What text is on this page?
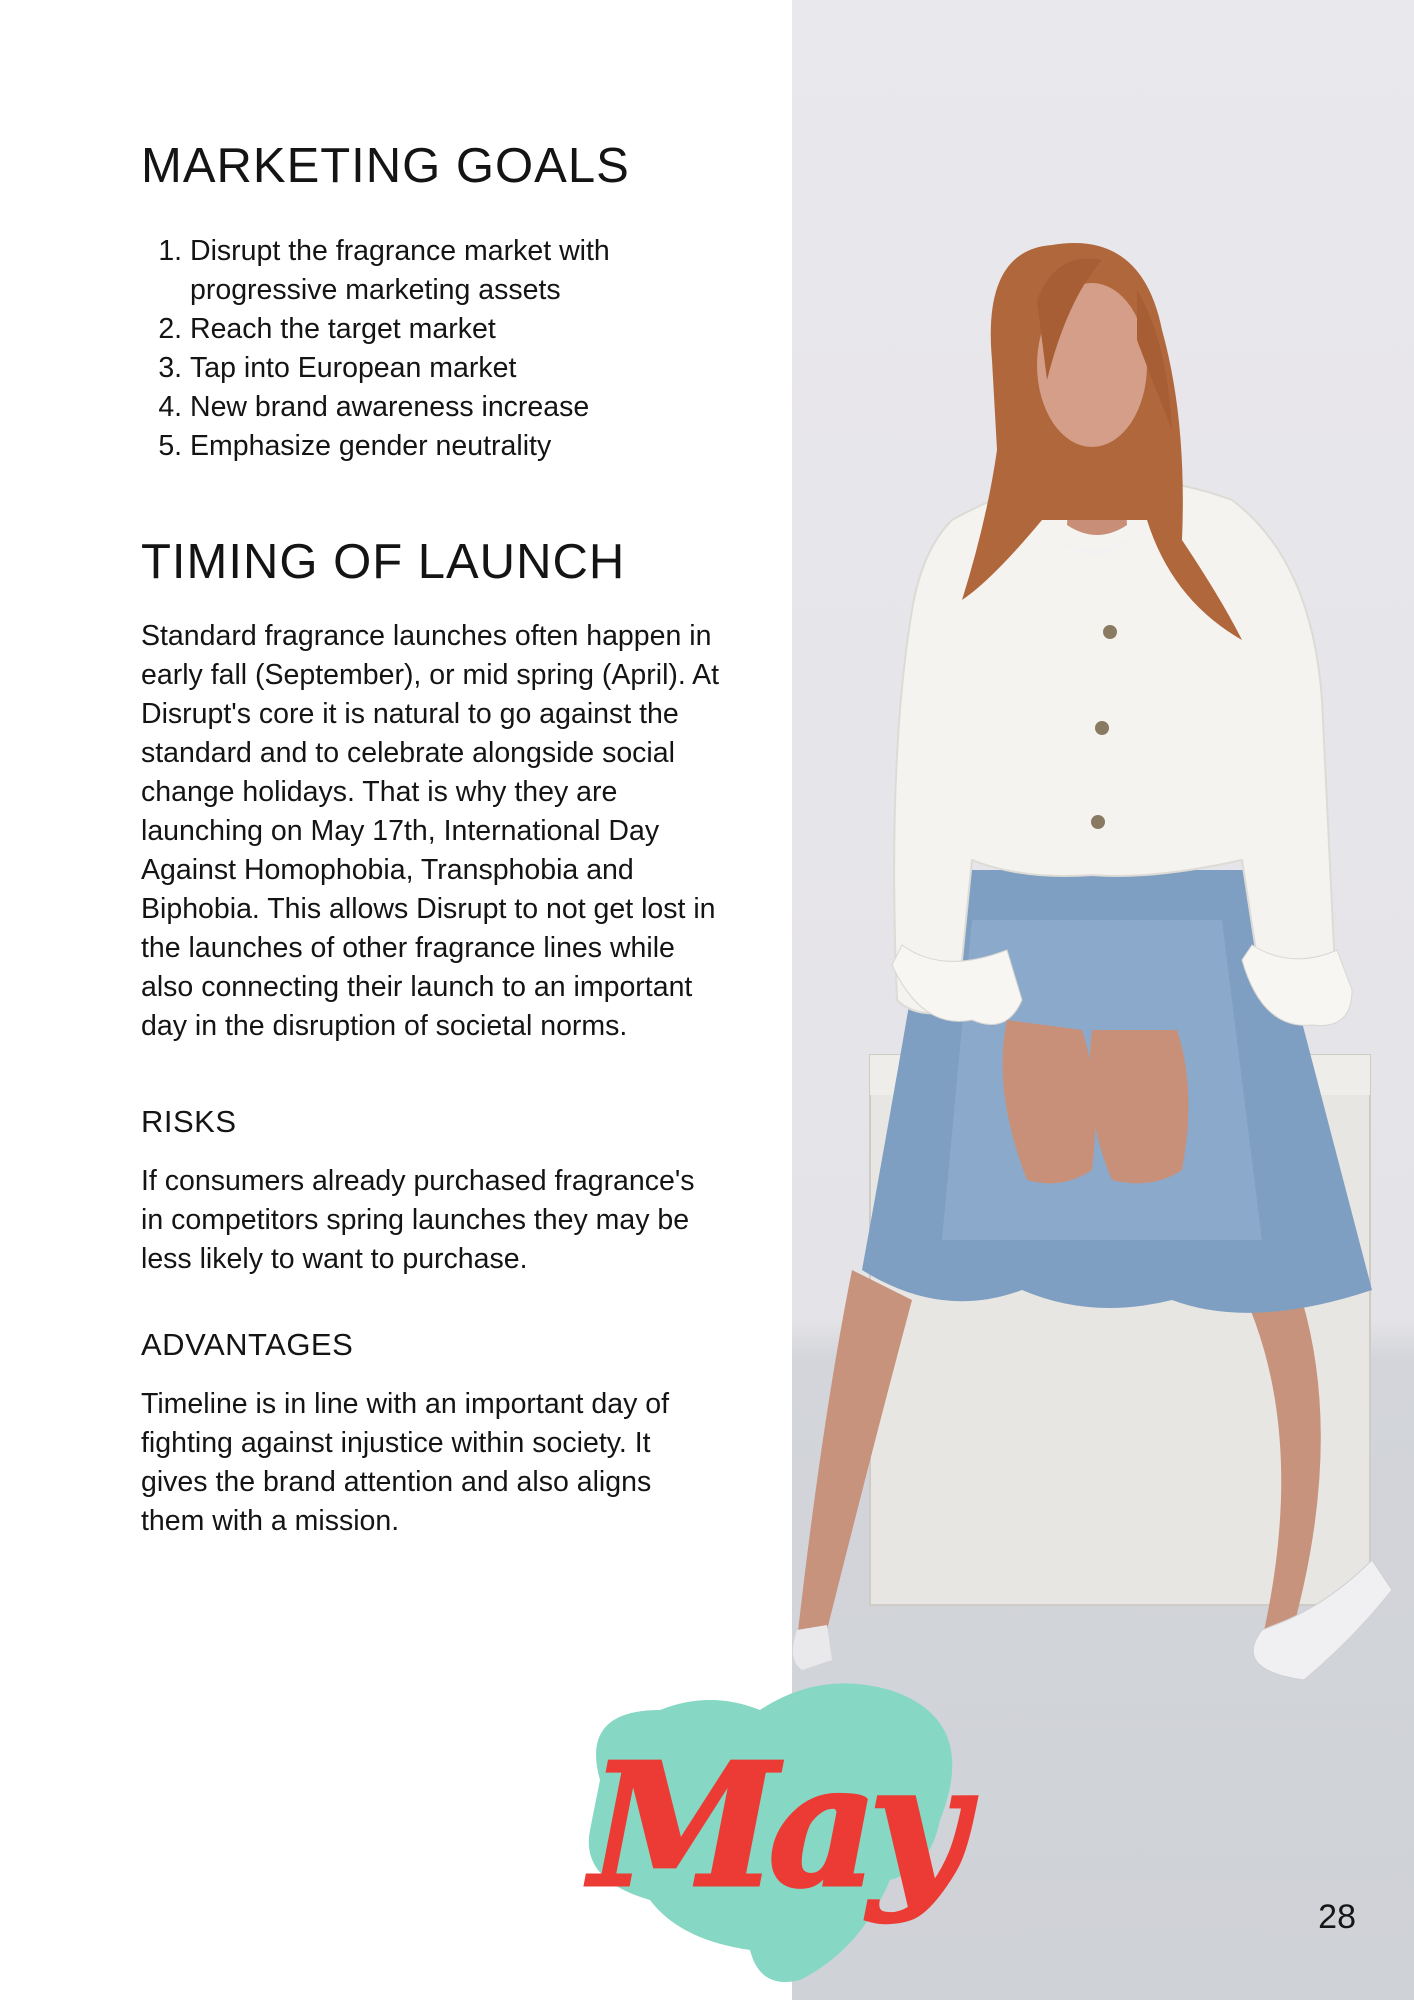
MARKETING GOALS
1. Disrupt the fragrance market with progressive marketing assets
2. Reach the target market
3. Tap into European market
4. New brand awareness increase
5. Emphasize gender neutrality
TIMING OF LAUNCH

Standard fragrance launches often happen in early fall (September), or mid spring (April). At Disrupt's core it is natural to go against the standard and to celebrate alongside social change holidays. That is why they are launching on May 17th, International Day Against Homophobia, Transphobia and Biphobia. This allows Disrupt to not get lost in the launches of other fragrance lines while also connecting their launch to an important day in the disruption of societal norms.

RISKS

If consumers already purchased fragrance's in competitors spring launches they may be less likely to want to purchase.

ADVANTAGES

Timeline is in line with an important day of fighting against injustice within society. It gives the brand attention and also aligns them with a mission.

May	28
